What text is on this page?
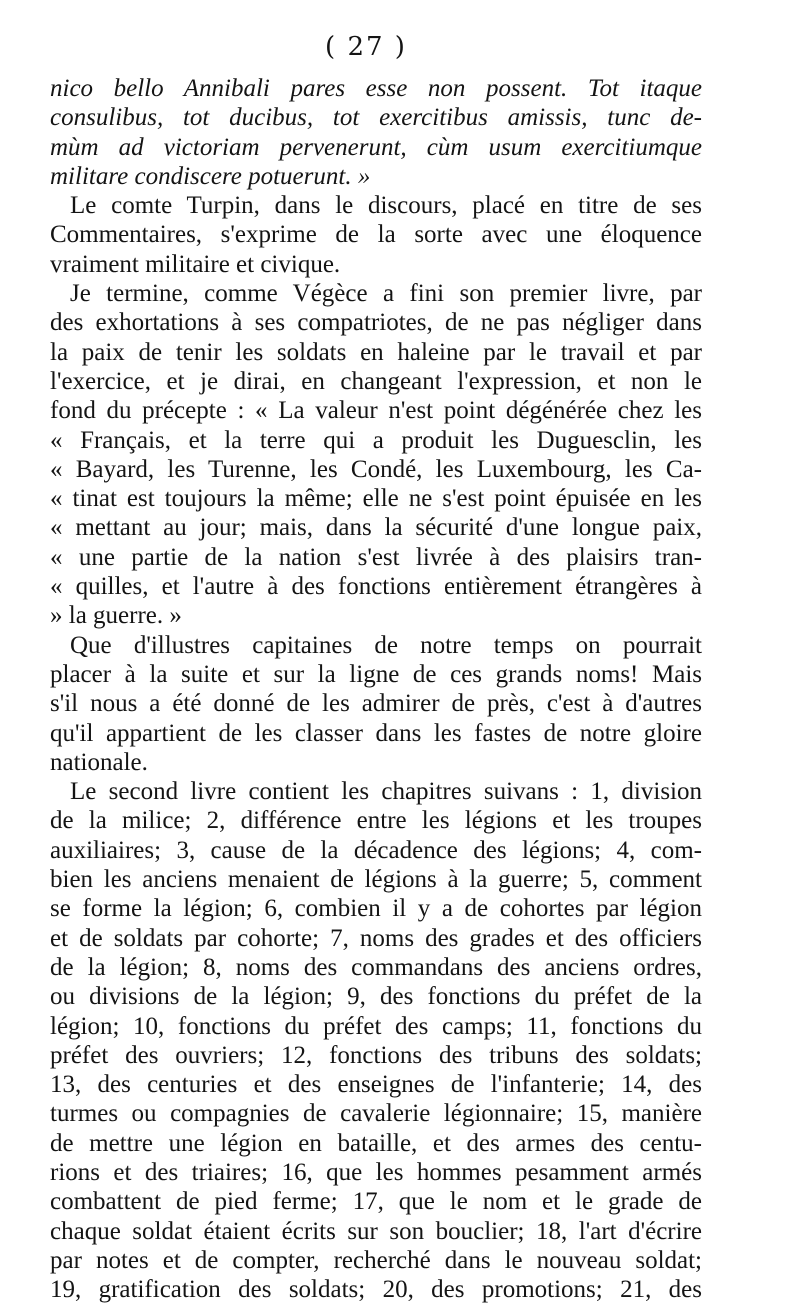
( 27 )
nico bello Annibali pares esse non possent. Tot itaque
consulibus, tot ducibus, tot exercitibus amissis, tunc de-
mùm ad victoriam pervenerunt, cùm usum exercitiumque
militare condiscere potuerunt. »
Le comte Turpin, dans le discours, placé en titre de ses
Commentaires, s'exprime de la sorte avec une éloquence
vraiment militaire et civique.
Je termine, comme Végèce a fini son premier livre, par
des exhortations à ses compatriotes, de ne pas négliger dans
la paix de tenir les soldats en haleine par le travail et par
l'exercice, et je dirai, en changeant l'expression, et non le
fond du précepte : « La valeur n'est point dégénérée chez les
« Français, et la terre qui a produit les Duguesclin, les
« Bayard, les Turenne, les Condé, les Luxembourg, les Ca-
« tinat est toujours la même; elle ne s'est point épuisée en les
« mettant au jour; mais, dans la sécurité d'une longue paix,
« une partie de la nation s'est livrée à des plaisirs tran-
« quilles, et l'autre à des fonctions entièrement étrangères à
» la guerre. »
Que d'illustres capitaines de notre temps on pourrait
placer à la suite et sur la ligne de ces grands noms! Mais
s'il nous a été donné de les admirer de près, c'est à d'autres
qu'il appartient de les classer dans les fastes de notre gloire
nationale.
Le second livre contient les chapitres suivans : 1, division
de la milice; 2, différence entre les légions et les troupes
auxiliaires; 3, cause de la décadence des légions; 4, com-
bien les anciens menaient de légions à la guerre; 5, comment
se forme la légion; 6, combien il y a de cohortes par légion
et de soldats par cohorte; 7, noms des grades et des officiers
de la légion; 8, noms des commandans des anciens ordres,
ou divisions de la légion; 9, des fonctions du préfet de la
légion; 10, fonctions du préfet des camps; 11, fonctions du
préfet des ouvriers; 12, fonctions des tribuns des soldats;
13, des centuries et des enseignes de l'infanterie; 14, des
turmes ou compagnies de cavalerie légionnaire; 15, manière
de mettre une légion en bataille, et des armes des centu-
rions et des triaires; 16, que les hommes pesamment armés
combattent de pied ferme; 17, que le nom et le grade de
chaque soldat étaient écrits sur son bouclier; 18, l'art d'écrire
par notes et de compter, recherché dans le nouveau soldat;
19, gratification des soldats; 20, des promotions; 21, des
